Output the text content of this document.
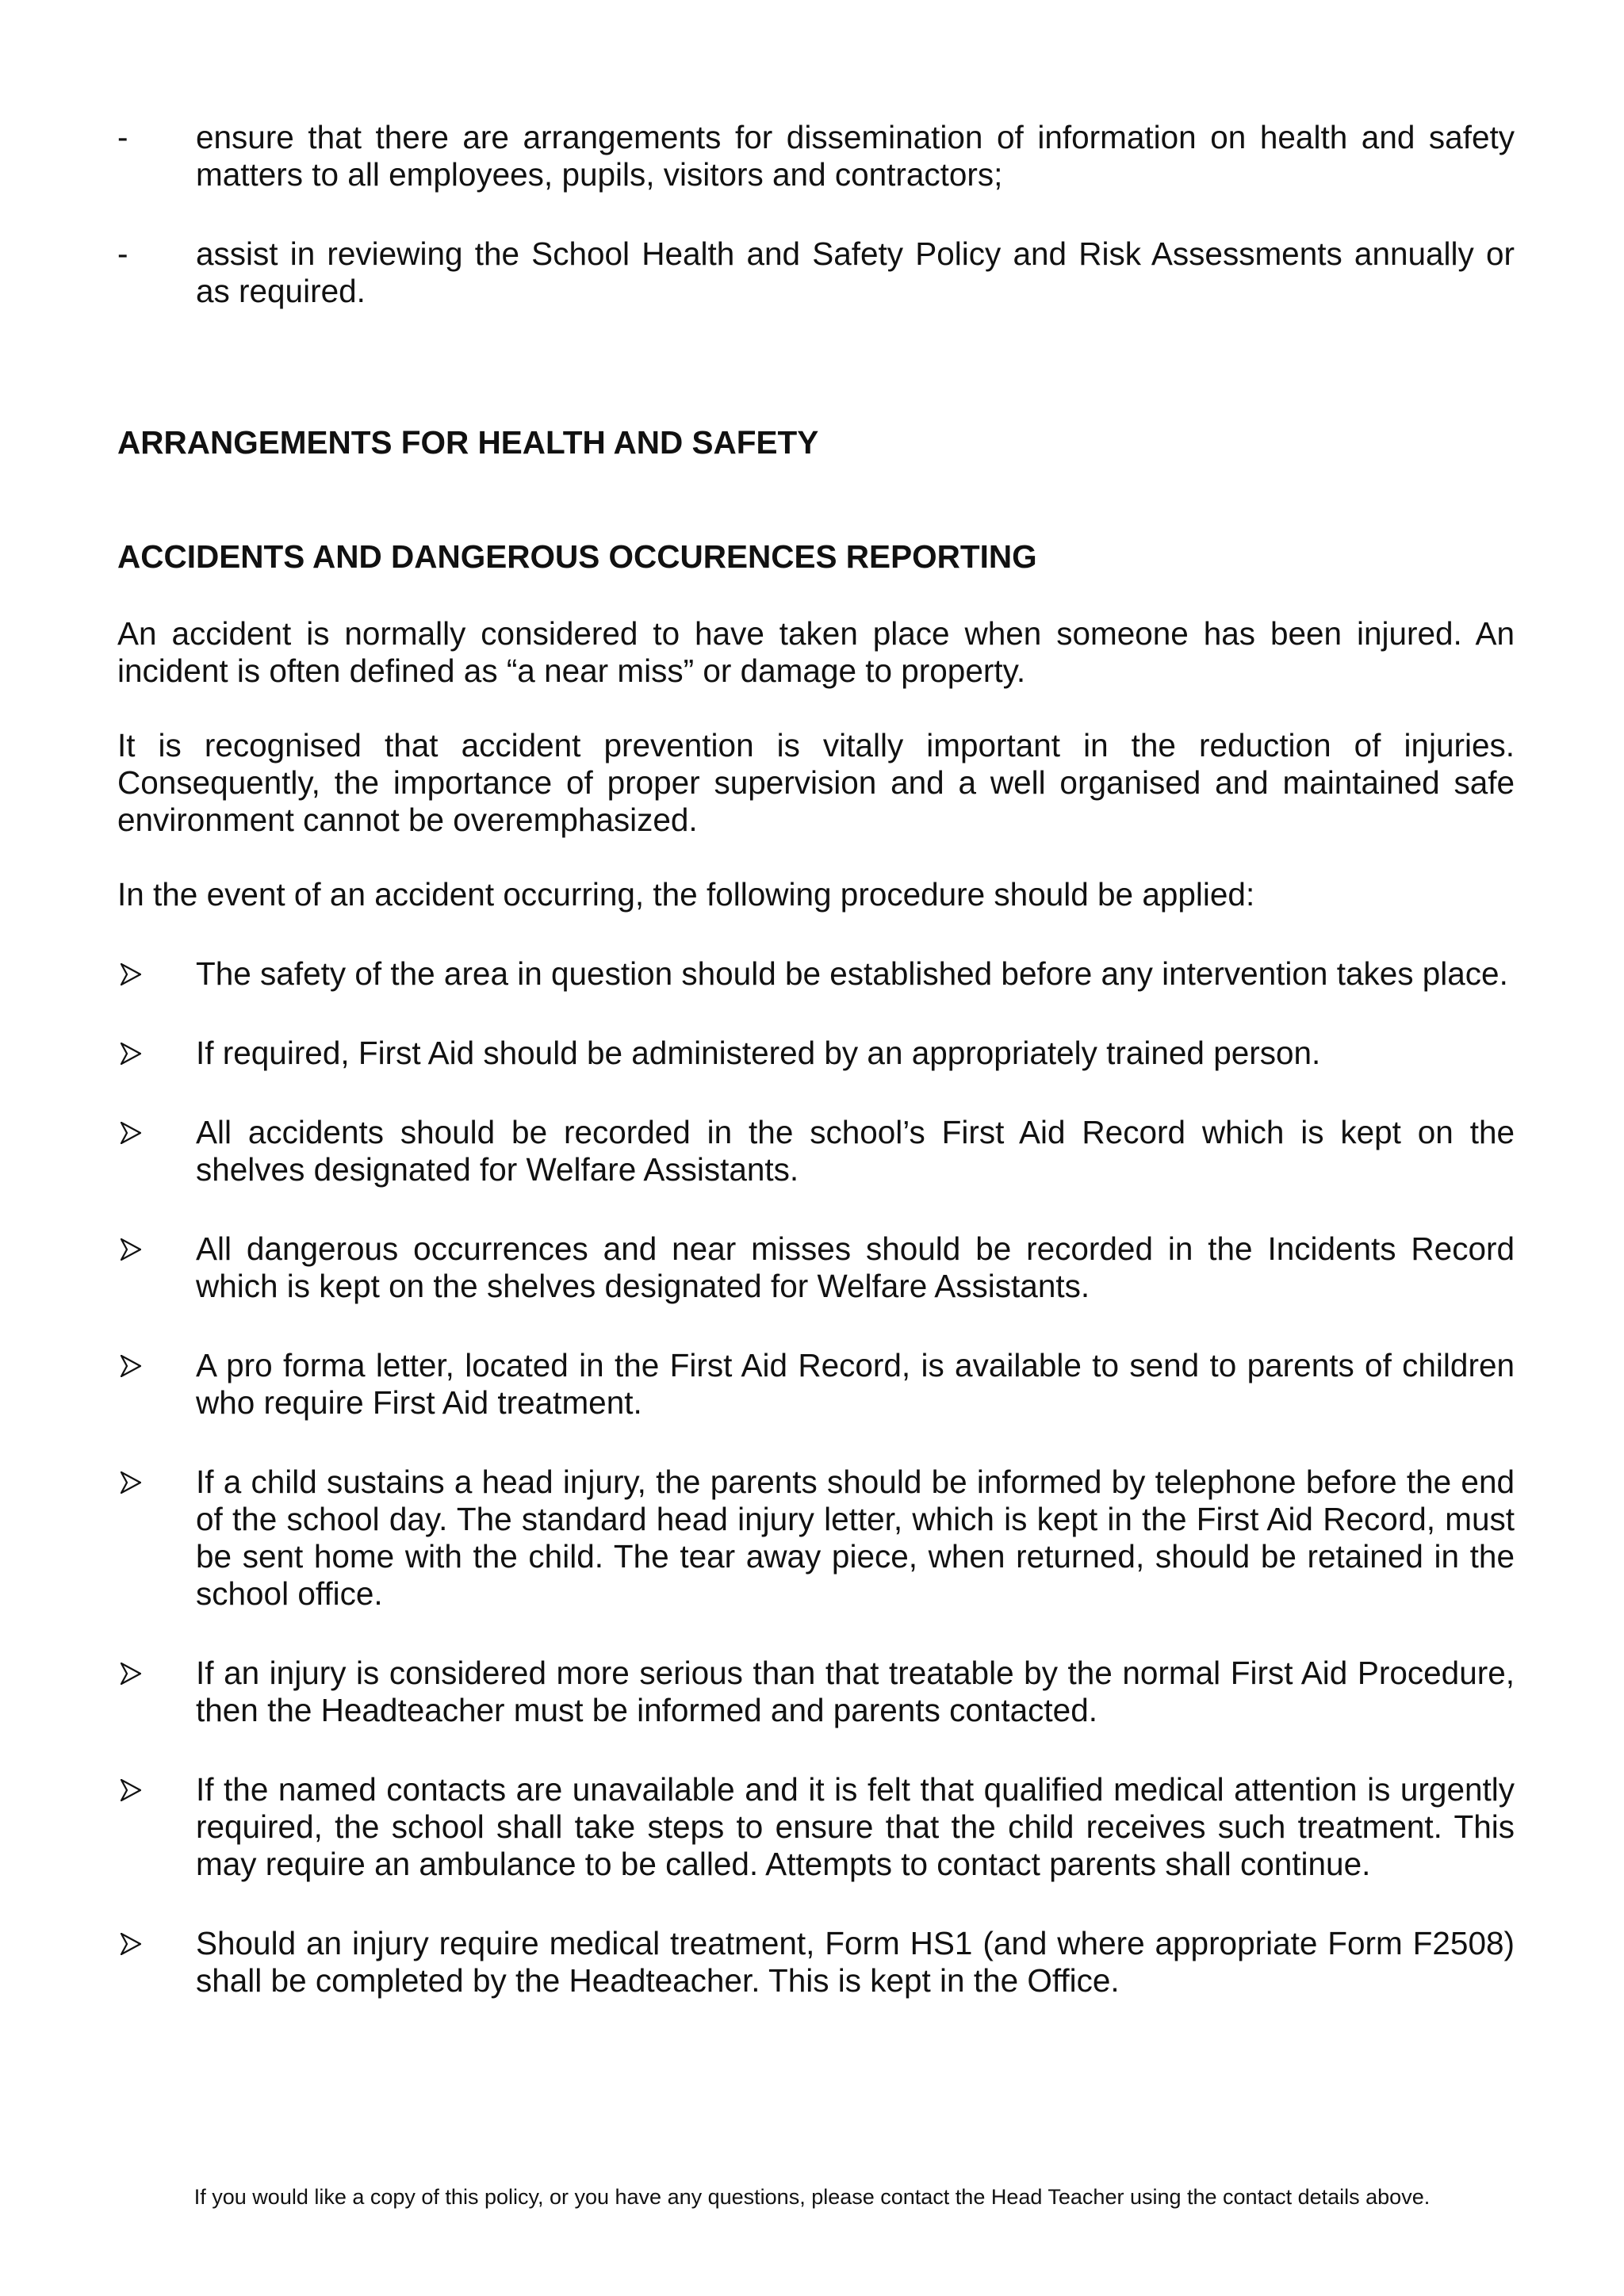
- ensure that there are arrangements for dissemination of information on health and safety matters to all employees, pupils, visitors and contractors;

- assist in reviewing the School Health and Safety Policy and Risk Assessments annually or as required.

ARRANGEMENTS FOR HEALTH AND SAFETY
ACCIDENTS AND DANGEROUS OCCURENCES REPORTING

An accident is normally considered to have taken place when someone has been injured. An incident is often defined as “a near miss” or damage to property.

It is recognised that accident prevention is vitally important in the reduction of injuries. Consequently, the importance of proper supervision and a well organised and maintained safe environment cannot be overemphasized.

In the event of an accident occurring, the following procedure should be applied:

The safety of the area in question should be established before any intervention takes place.

If required, First Aid should be administered by an appropriately trained person.

All accidents should be recorded in the school’s First Aid Record which is kept on the shelves designated for Welfare Assistants.

All dangerous occurrences and near misses should be recorded in the Incidents Record which is kept on the shelves designated for Welfare Assistants.

A pro forma letter, located in the First Aid Record, is available to send to parents of children who require First Aid treatment.

If a child sustains a head injury, the parents should be informed by telephone before the end of the school day. The standard head injury letter, which is kept in the First Aid Record, must be sent home with the child. The tear away piece, when returned, should be retained in the school office.

If an injury is considered more serious than that treatable by the normal First Aid Procedure, then the Headteacher must be informed and parents contacted.

If the named contacts are unavailable and it is felt that qualified medical attention is urgently required, the school shall take steps to ensure that the child receives such treatment. This may require an ambulance to be called. Attempts to contact parents shall continue.

Should an injury require medical treatment, Form HS1 (and where appropriate Form F2508) shall be completed by the Headteacher. This is kept in the Office.

If you would like a copy of this policy, or you have any questions, please contact the Head Teacher using the contact details above.
